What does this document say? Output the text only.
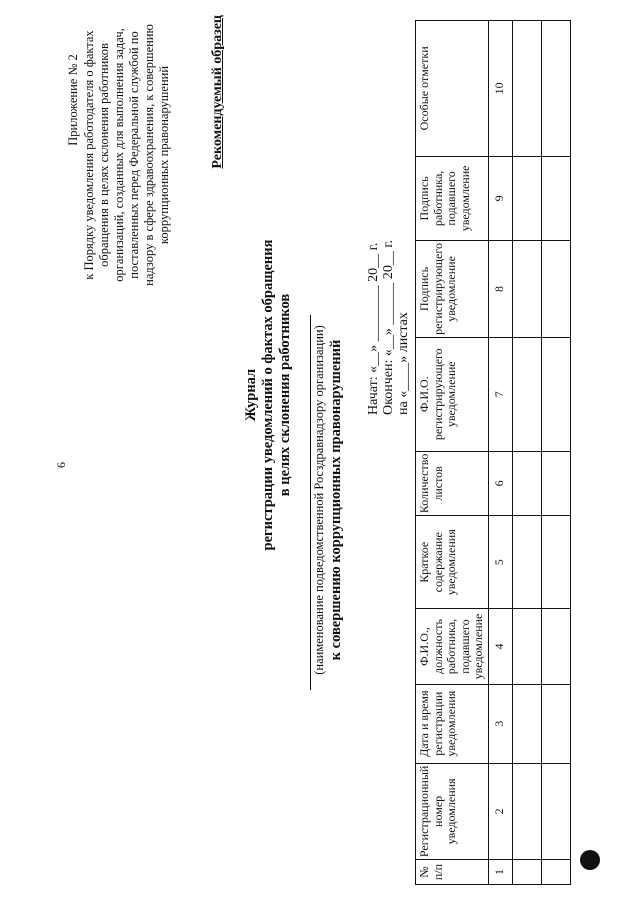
6
Приложение № 2 к Порядку уведомления работодателя о фактах обращения в целях склонения работников организаций, созданных для выполнения задач, поставленных перед Федеральной службой по надзору в сфере здравоохранения, к совершению коррупционных правонарушений	Рекомендуемый образец
Журнал регистрации уведомлений о фактах обращения в целях склонения работников (наименование подведомственной Росздравнадзору организации) к совершению коррупционных правонарушений
Начат: «__» ________ 20__ г. Окончен: «__» ______ 20__ г. на «____» листах
№ п/п	Регистрационный номер уведомления	Дата и время регистрации уведомления	Ф.И.О., должность работника, подавшего уведомление	Краткое содержание уведомления	Количество листов	Ф.И.О. регистрирующего уведомление	Подпись регистрирующего уведомление	Подпись работника, подавшего уведомление	Особые отметки
1	2	3	4	5	6	7	8	9	10
